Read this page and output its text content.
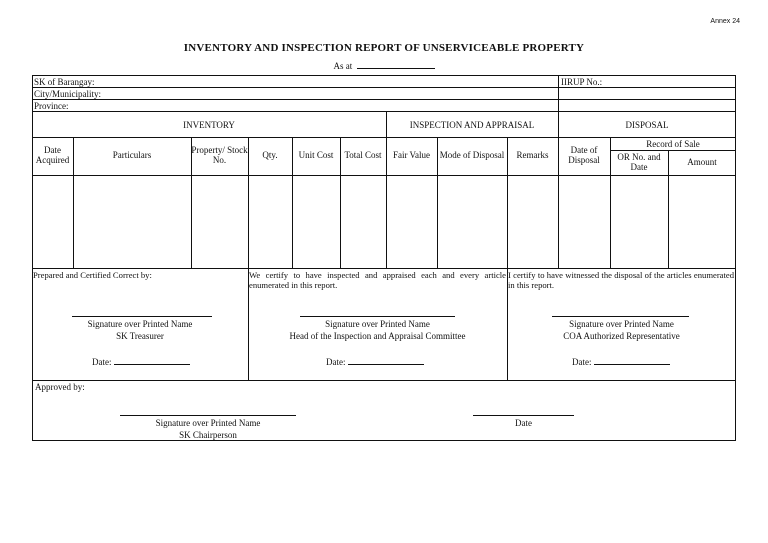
Annex 24
INVENTORY AND INSPECTION REPORT OF UNSERVICEABLE PROPERTY
As at
SK of Barangay:
City/Municipality:
Province:
IIRUP No.:
INVENTORY	INSPECTION AND APPRAISAL	DISPOSAL
Date Acquired	Particulars	Property/ Stock No.	Qty.	Unit Cost	Total Cost	Fair Value	Mode of Disposal	Remarks	Date of Disposal
Record of Sale
OR No. and Date	Amount
Prepared and Certified Correct by:
Signature over Printed Name
SK Treasurer
Date:
We certify to have inspected and appraised each and every article enumerated in this report.
Signature over Printed Name
Head of the Inspection and Appraisal Committee
Date:
I certify to have witnessed the disposal of the articles enumerated in this report.
Signature over Printed Name
COA Authorized Representative
Date:
Approved by:
Signature over Printed Name
SK Chairperson
Date
